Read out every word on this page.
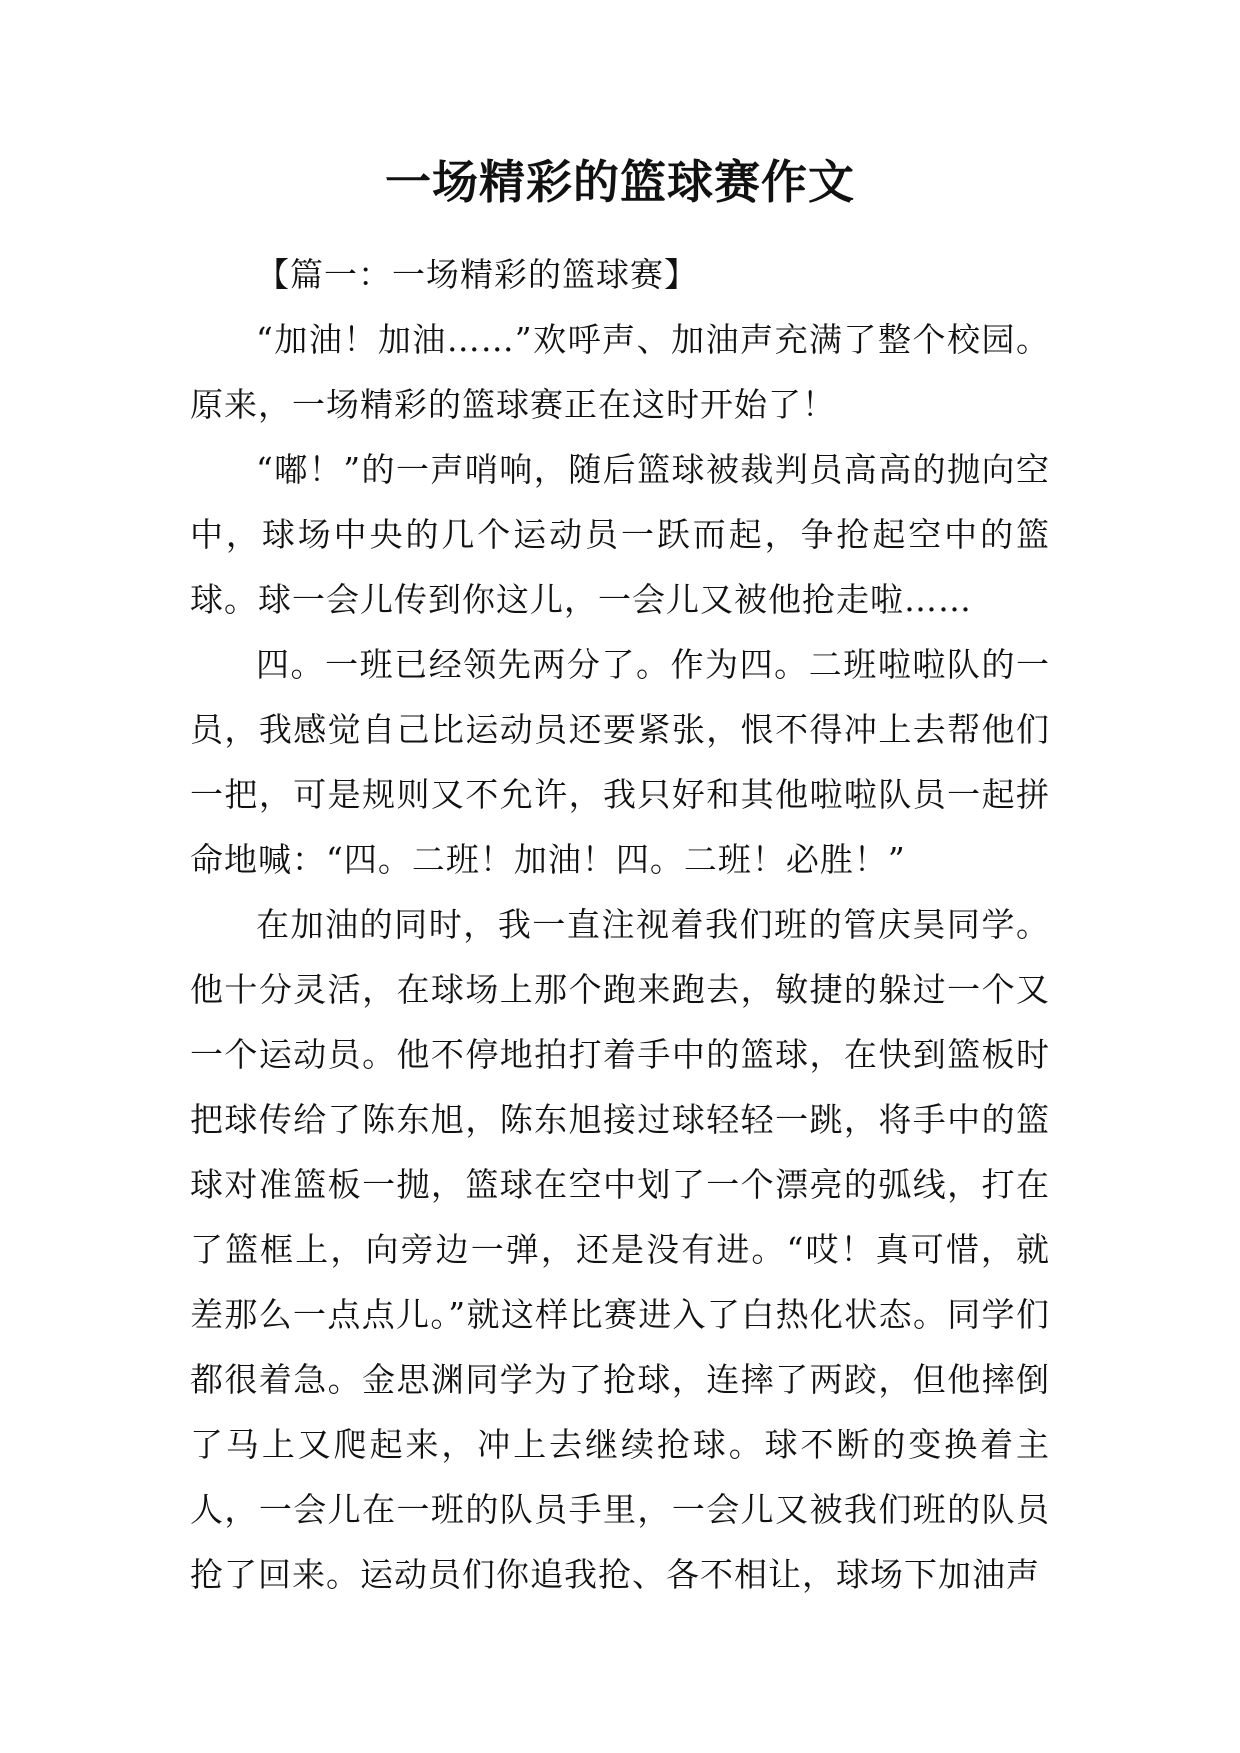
一场精彩的篮球赛作文

【篇一：一场精彩的篮球赛】

“加油！加油……”欢呼声、加油声充满了整个校园。原来，一场精彩的篮球赛正在这时开始了！

“嘟！”的一声哨响，随后篮球被裁判员高高的抛向空中，球场中央的几个运动员一跃而起，争抢起空中的篮球。球一会儿传到你这儿，一会儿又被他抢走啦……

四。一班已经领先两分了。作为四。二班啦啦队的一员，我感觉自己比运动员还要紧张，恨不得冲上去帮他们一把，可是规则又不允许，我只好和其他啦啦队员一起拼命地喊：“四。二班！加油！四。二班！必胜！”

在加油的同时，我一直注视着我们班的管庆昊同学。他十分灵活，在球场上那个跑来跑去，敏捷的躲过一个又一个运动员。他不停地拍打着手中的篮球，在快到篮板时把球传给了陈东旭，陈东旭接过球轻轻一跳，将手中的篮球对准篮板一抛，篮球在空中划了一个漂亮的弧线，打在了篮框上，向旁边一弹，还是没有进。“哎！真可惜，就差那么一点点儿。”就这样比赛进入了白热化状态。同学们都很着急。金思渊同学为了抢球，连摔了两跤，但他摔倒了马上又爬起来，冲上去继续抢球。球不断的变换着主人，一会儿在一班的队员手里，一会儿又被我们班的队员抢了回来。运动员们你追我抢、各不相让，球场下加油声
